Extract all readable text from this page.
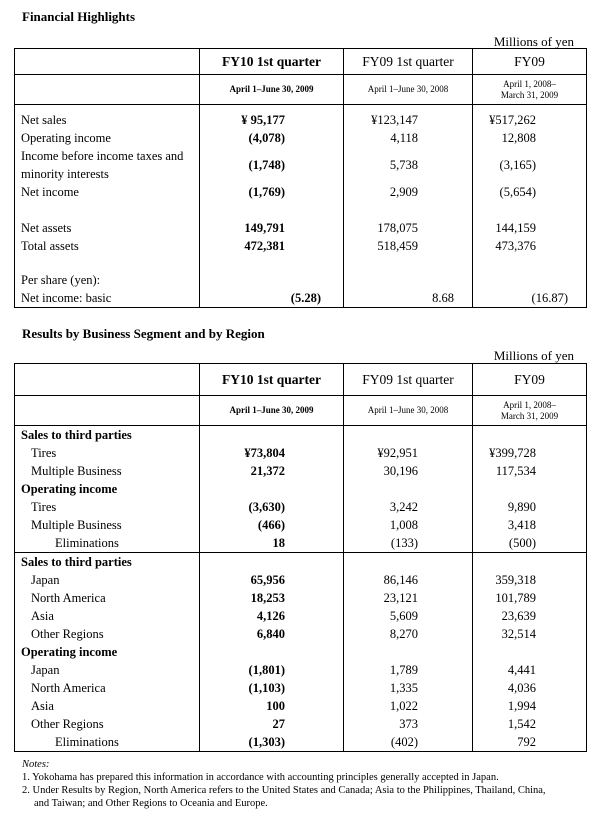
Financial Highlights
Millions of yen
	FY10 1st quarter	FY09 1st quarter	FY09
	April 1–June 30, 2009	April 1–June 30, 2008	April 1, 2008–
March 31, 2009

Net sales	¥ 95,177	¥123,147	¥517,262
Operating income	(4,078)	4,118	12,808

Income before income taxes and
minority interests	(1,748)	5,738	(3,165)
Net income	(1,769)	2,909	(5,654)

Net assets	149,791	178,075	144,159
Total assets	472,381	518,459	473,376

Per share (yen):			
Net income: basic	(5.28)	8.68	(16.87)
Results by Business Segment and by Region
Millions of yen
	FY10 1st quarter	FY09 1st quarter	FY09
	April 1–June 30, 2009	April 1–June 30, 2008	April 1, 2008–
March 31, 2009

Sales to third parties			
Tires	¥73,804	¥92,951	¥399,728
Multiple Business	21,372	30,196	117,534
Operating income			
Tires	(3,630)	3,242	9,890
Multiple Business	(466)	1,008	3,418
Eliminations	18	(133)	(500)
Sales to third parties			
Japan	65,956	86,146	359,318
North America	18,253	23,121	101,789
Asia	4,126	5,609	23,639
Other Regions	6,840	8,270	32,514
Operating income			
Japan	(1,801)	1,789	4,441
North America	(1,103)	1,335	4,036
Asia	100	1,022	1,994
Other Regions	27	373	1,542
Eliminations	(1,303)	(402)	792
Notes:
1. Yokohama has prepared this information in accordance with accounting principles generally accepted in Japan.
2. Under Results by Region, North America refers to the United States and Canada; Asia to the Philippines, Thailand, China,
and Taiwan; and Other Regions to Oceania and Europe.
